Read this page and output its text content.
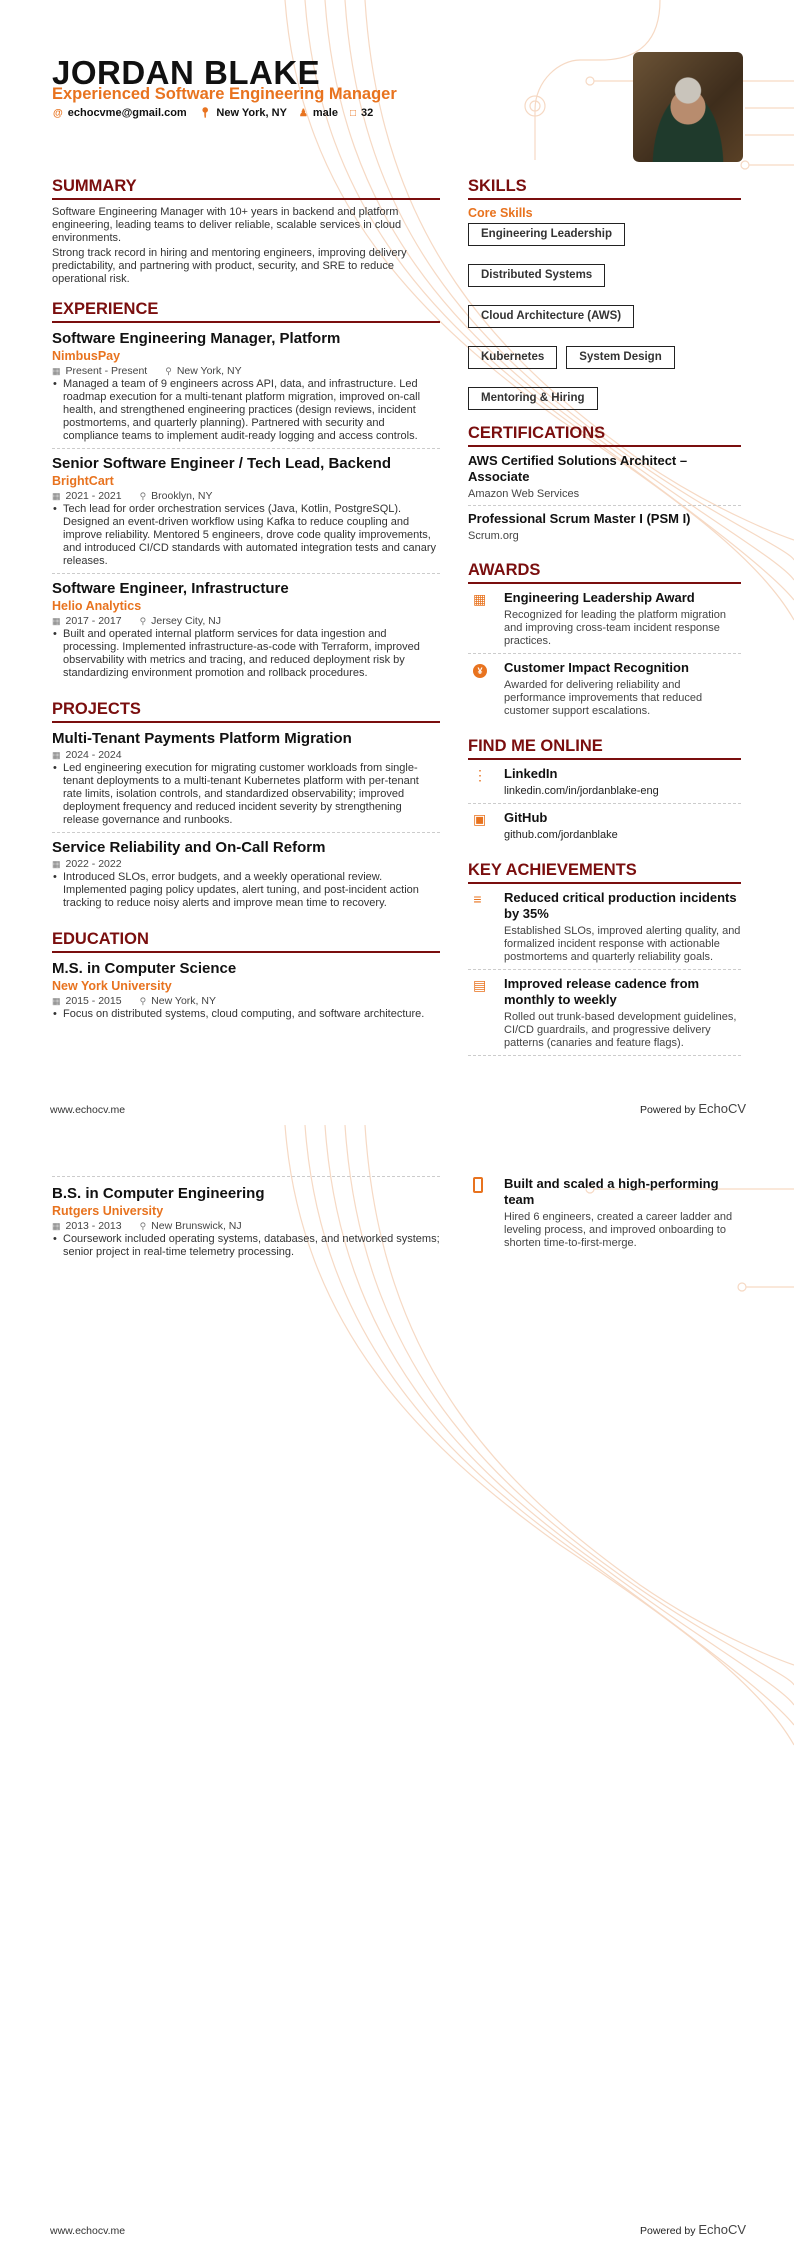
JORDAN BLAKE
Experienced Software Engineering Manager
@ echocvme@gmail.com 📍︎ New York, NY ♟ male □ 32
SUMMARY

Software Engineering Manager with 10+ years in backend and platform engineering, leading teams to deliver reliable, scalable services in cloud environments.

Strong track record in hiring and mentoring engineers, improving delivery predictability, and partnering with product, security, and SRE to reduce operational risk.

EXPERIENCE
Software Engineering Manager, Platform
NimbusPay
▦ Present - Present ⚲ New York, NY
• Managed a team of 9 engineers across API, data, and infrastructure. Led roadmap execution for a multi-tenant platform migration, improved on-call health, and strengthened engineering practices (design reviews, incident postmortems, and quarterly planning). Partnered with security and compliance teams to implement audit-ready logging and access controls.
Senior Software Engineer / Tech Lead, Backend
BrightCart
▦ 2021 - 2021 ⚲ Brooklyn, NY
• Tech lead for order orchestration services (Java, Kotlin, PostgreSQL). Designed an event-driven workflow using Kafka to reduce coupling and improve reliability. Mentored 5 engineers, drove code quality improvements, and introduced CI/CD standards with automated integration tests and canary releases.
Software Engineer, Infrastructure
Helio Analytics
▦ 2017 - 2017 ⚲ Jersey City, NJ
• Built and operated internal platform services for data ingestion and processing. Implemented infrastructure-as-code with Terraform, improved observability with metrics and tracing, and reduced deployment risk by standardizing environment promotion and rollback procedures.
PROJECTS
Multi-Tenant Payments Platform Migration
▦ 2024 - 2024
• Led engineering execution for migrating customer workloads from single-tenant deployments to a multi-tenant Kubernetes platform with per-tenant rate limits, isolation controls, and standardized observability; improved deployment frequency and reduced incident severity by strengthening release governance and runbooks.
Service Reliability and On-Call Reform
▦ 2022 - 2022
• Introduced SLOs, error budgets, and a weekly operational review. Implemented paging policy updates, alert tuning, and post-incident action tracking to reduce noisy alerts and improve mean time to recovery.
EDUCATION
M.S. in Computer Science
New York University
▦ 2015 - 2015 ⚲ New York, NY
• Focus on distributed systems, cloud computing, and software architecture.
SKILLS
Core Skills
Engineering Leadership
Distributed Systems
Cloud Architecture (AWS)
Kubernetes	System Design
Mentoring & Hiring
CERTIFICATIONS
AWS Certified Solutions Architect – Associate
Amazon Web Services
Professional Scrum Master I (PSM I)
Scrum.org
AWARDS
▦ Engineering Leadership Award
Recognized for leading the platform migration and improving cross-team incident response practices.
¥ Customer Impact Recognition
Awarded for delivering reliability and performance improvements that reduced customer support escalations.
FIND ME ONLINE
⋮ LinkedIn
linkedin.com/in/jordanblake-eng
▣ GitHub
github.com/jordanblake
KEY ACHIEVEMENTS
≡ Reduced critical production incidents by 35%
Established SLOs, improved alerting quality, and formalized incident response with actionable postmortems and quarterly reliability goals.
▤ Improved release cadence from monthly to weekly
Rolled out trunk-based development guidelines, CI/CD guardrails, and progressive delivery patterns (canaries and feature flags).
www.echocv.me	Powered by EchoCV
B.S. in Computer Engineering
Rutgers University
▦ 2013 - 2013 ⚲ New Brunswick, NJ
• Coursework included operating systems, databases, and networked systems; senior project in real-time telemetry processing.
Built and scaled a high-performing team
Hired 6 engineers, created a career ladder and leveling process, and improved onboarding to shorten time-to-first-merge.
www.echocv.me	Powered by EchoCV
